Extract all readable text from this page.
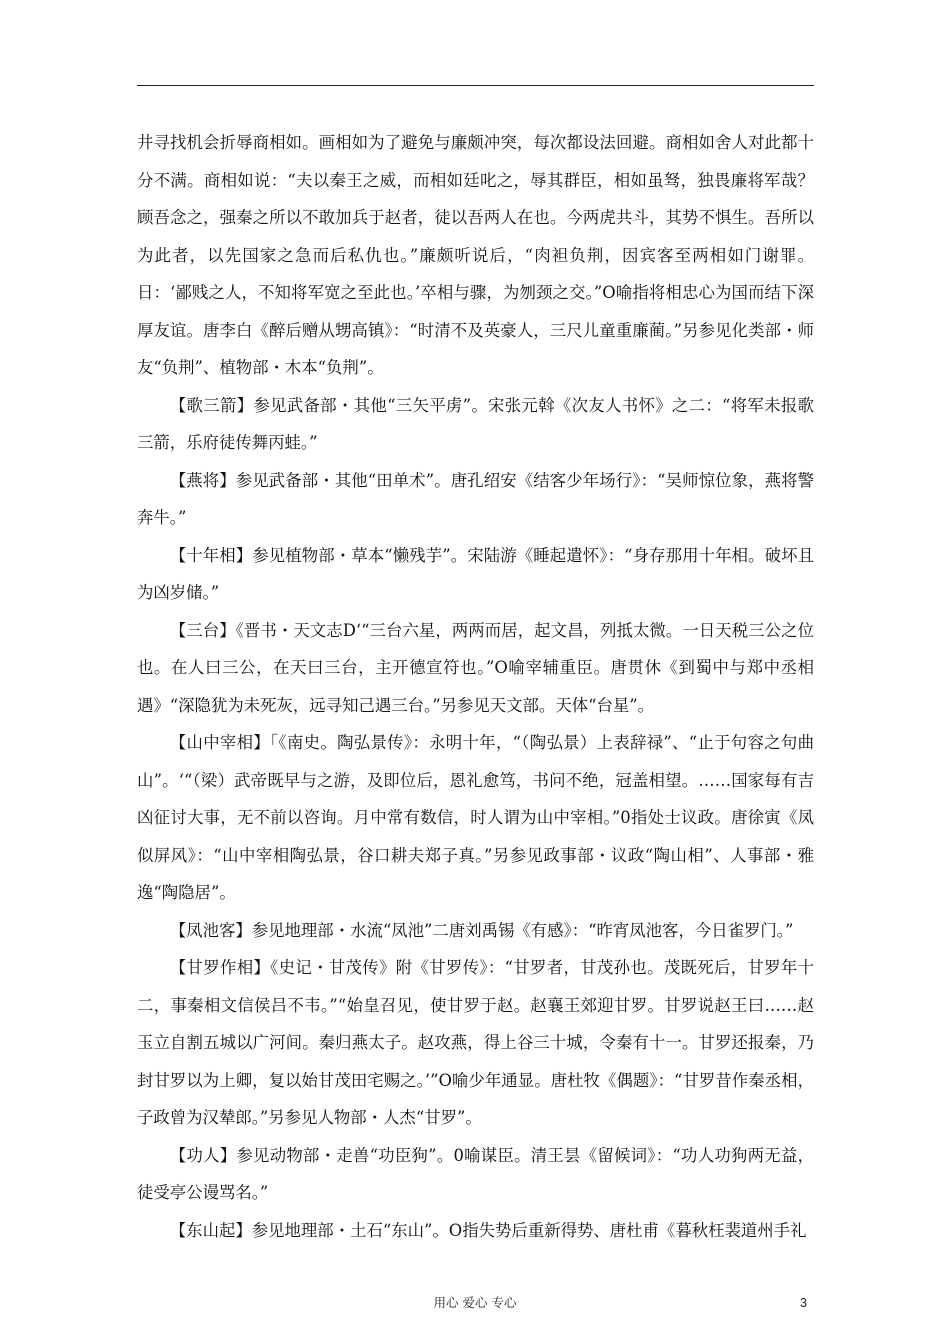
井寻找机会折辱商相如。画相如为了避免与廉颇冲突，每次都设法回避。商相如舍人对此都十分不满。商相如说：“夫以秦王之威，而相如廷叱之，辱其群臣，相如虽驽，独畏廉将军哉？顾吾念之，强秦之所以不敢加兵于赵者，徒以吾两人在也。今两虎共斗，其势不惧生。吾所以为此者，以先国家之急而后私仇也。”廉颇听说后，“肉袒负荆，因宾客至两相如门谢罪。日：‘鄙贱之人，不知将军宽之至此也。’卒相与骤，为刎颈之交。”O喻指将相忠心为国而结下深厚友谊。唐李白《醉后赠从甥高镇》：“时清不及英豪人，三尺儿童重廉蔺。”另参见化类部・师友“负荆”、植物部・木本“负荆”。

【歌三箭】参见武备部・其他“三矢平虏”。宋张元斡《次友人书怀》之二：“将军未报歌三箭，乐府徒传舞丙蛙。”

【燕将】参见武备部・其他“田单术”。唐孔绍安《结客少年场行》：“吴师惊位象，燕将警奔牛。”

【十年相】参见植物部・草本“懒残芋”。宋陆游《睡起遣怀》：“身存那用十年相。破坏且为凶岁储。”

【三台】《晋书・天文志D‘“三台六星，两两而居，起文昌，列抵太微。一日天税三公之位也。在人曰三公，在天曰三台，主开德宣符也。”O喻宰辅重臣。唐贯休《到蜀中与郑中丞相遇》“深隐犹为未死灰，远寻知己遇三台。”另参见天文部。天体“台星”。

【山中宰相】「《南史。陶弘景传》：永明十年，“（陶弘景）上表辞禄”、“止于句容之句曲山”。‘“（梁）武帝既早与之游，及即位后，恩礼愈笃，书问不绝，冠盖相望。……国家每有吉凶征讨大事，无不前以咨询。月中常有数信，时人谓为山中宰相。”0指处士议政。唐徐寅《凤似屏风》：“山中宰相陶弘景，谷口耕夫郑子真。”另参见政事部・议政“陶山相”、人事部・雅逸“陶隐居”。

【凤池客】参见地理部・水流“凤池”二唐刘禹锡《有感》：“昨宵凤池客，今日雀罗门。”

【甘罗作相】《史记・甘茂传》附《甘罗传》：“甘罗者，甘茂孙也。茂既死后，甘罗年十二，事秦相文信侯吕不韦。”“始皇召见，使甘罗于赵。赵襄王郊迎甘罗。甘罗说赵王曰……赵玉立自割五城以广河间。秦归燕太子。赵攻燕，得上谷三十城，令秦有十一。甘罗还报秦，乃封甘罗以为上卿，复以始甘茂田宅赐之。’”O喻少年通显。唐杜牧《偶题》：“甘罗昔作秦丞相，子政曾为汉辇郎。”另参见人物部・人杰“甘罗”。

【功人】参见动物部・走兽“功臣狗”。0喻谋臣。清王昙《留候词》：“功人功狗两无益，徒受亭公谩骂名。”

【东山起】参见地理部・土石“东山”。O指失势后重新得势、唐杜甫《暮秋枉裴道州手礼

用心 爱心 专心	3
